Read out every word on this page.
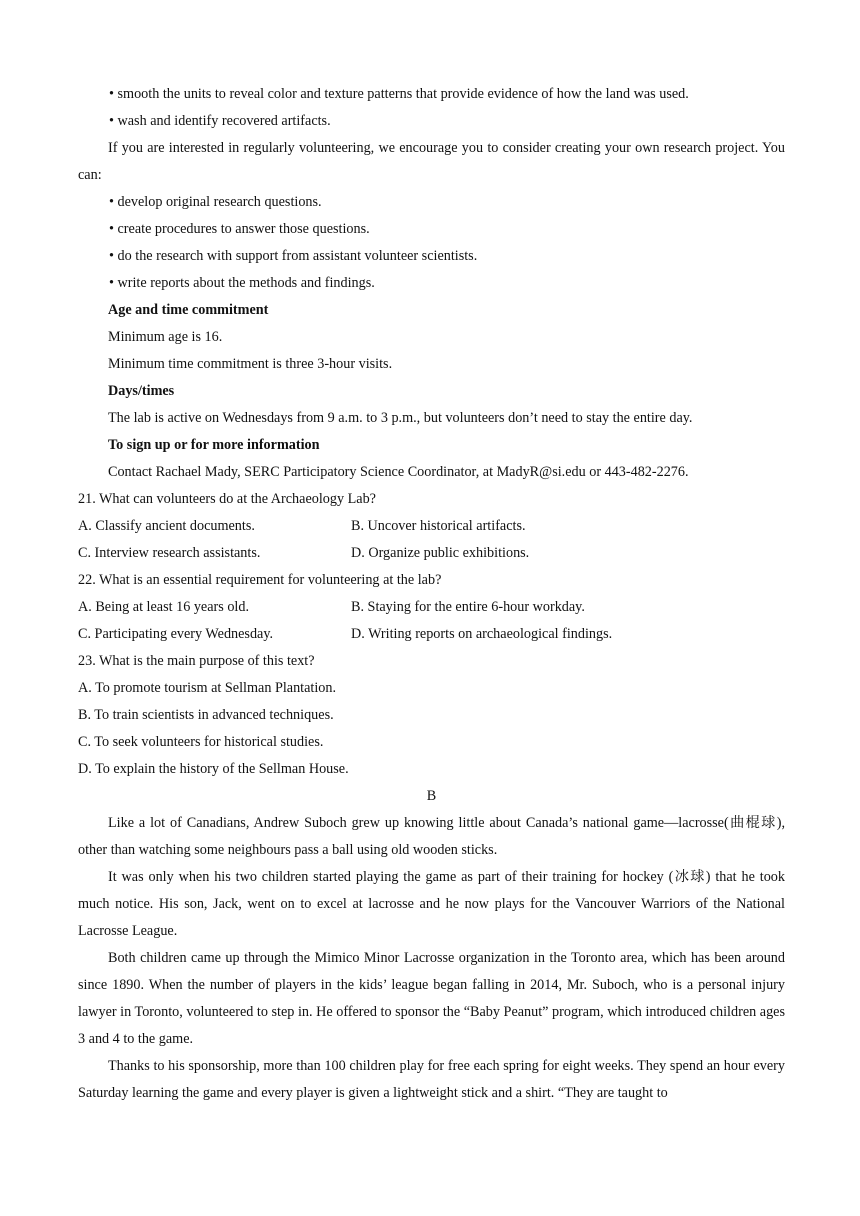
• smooth the units to reveal color and texture patterns that provide evidence of how the land was used.
• wash and identify recovered artifacts.
If you are interested in regularly volunteering, we encourage you to consider creating your own research project. You can:
• develop original research questions.
• create procedures to answer those questions.
• do the research with support from assistant volunteer scientists.
• write reports about the methods and findings.
Age and time commitment
Minimum age is 16.
Minimum time commitment is three 3-hour visits.
Days/times
The lab is active on Wednesdays from 9 a.m. to 3 p.m., but volunteers don’t need to stay the entire day.
To sign up or for more information
Contact Rachael Mady, SERC Participatory Science Coordinator, at MadyR@si.edu or 443-482-2276.
21. What can volunteers do at the Archaeology Lab?
A. Classify ancient documents.	B. Uncover historical artifacts.
C. Interview research assistants.	D. Organize public exhibitions.
22. What is an essential requirement for volunteering at the lab?
A. Being at least 16 years old.	B. Staying for the entire 6-hour workday.
C. Participating every Wednesday.	D. Writing reports on archaeological findings.
23. What is the main purpose of this text?
A. To promote tourism at Sellman Plantation.
B. To train scientists in advanced techniques.
C. To seek volunteers for historical studies.
D. To explain the history of the Sellman House.
B
Like a lot of Canadians, Andrew Suboch grew up knowing little about Canada’s national game—lacrosse(曲棍球), other than watching some neighbours pass a ball using old wooden sticks.
It was only when his two children started playing the game as part of their training for hockey (冰球) that he took much notice. His son, Jack, went on to excel at lacrosse and he now plays for the Vancouver Warriors of the National Lacrosse League.
Both children came up through the Mimico Minor Lacrosse organization in the Toronto area, which has been around since 1890. When the number of players in the kids’ league began falling in 2014, Mr. Suboch, who is a personal injury lawyer in Toronto, volunteered to step in. He offered to sponsor the “Baby Peanut” program, which introduced children ages 3 and 4 to the game.
Thanks to his sponsorship, more than 100 children play for free each spring for eight weeks. They spend an hour every Saturday learning the game and every player is given a lightweight stick and a shirt. “They are taught to
